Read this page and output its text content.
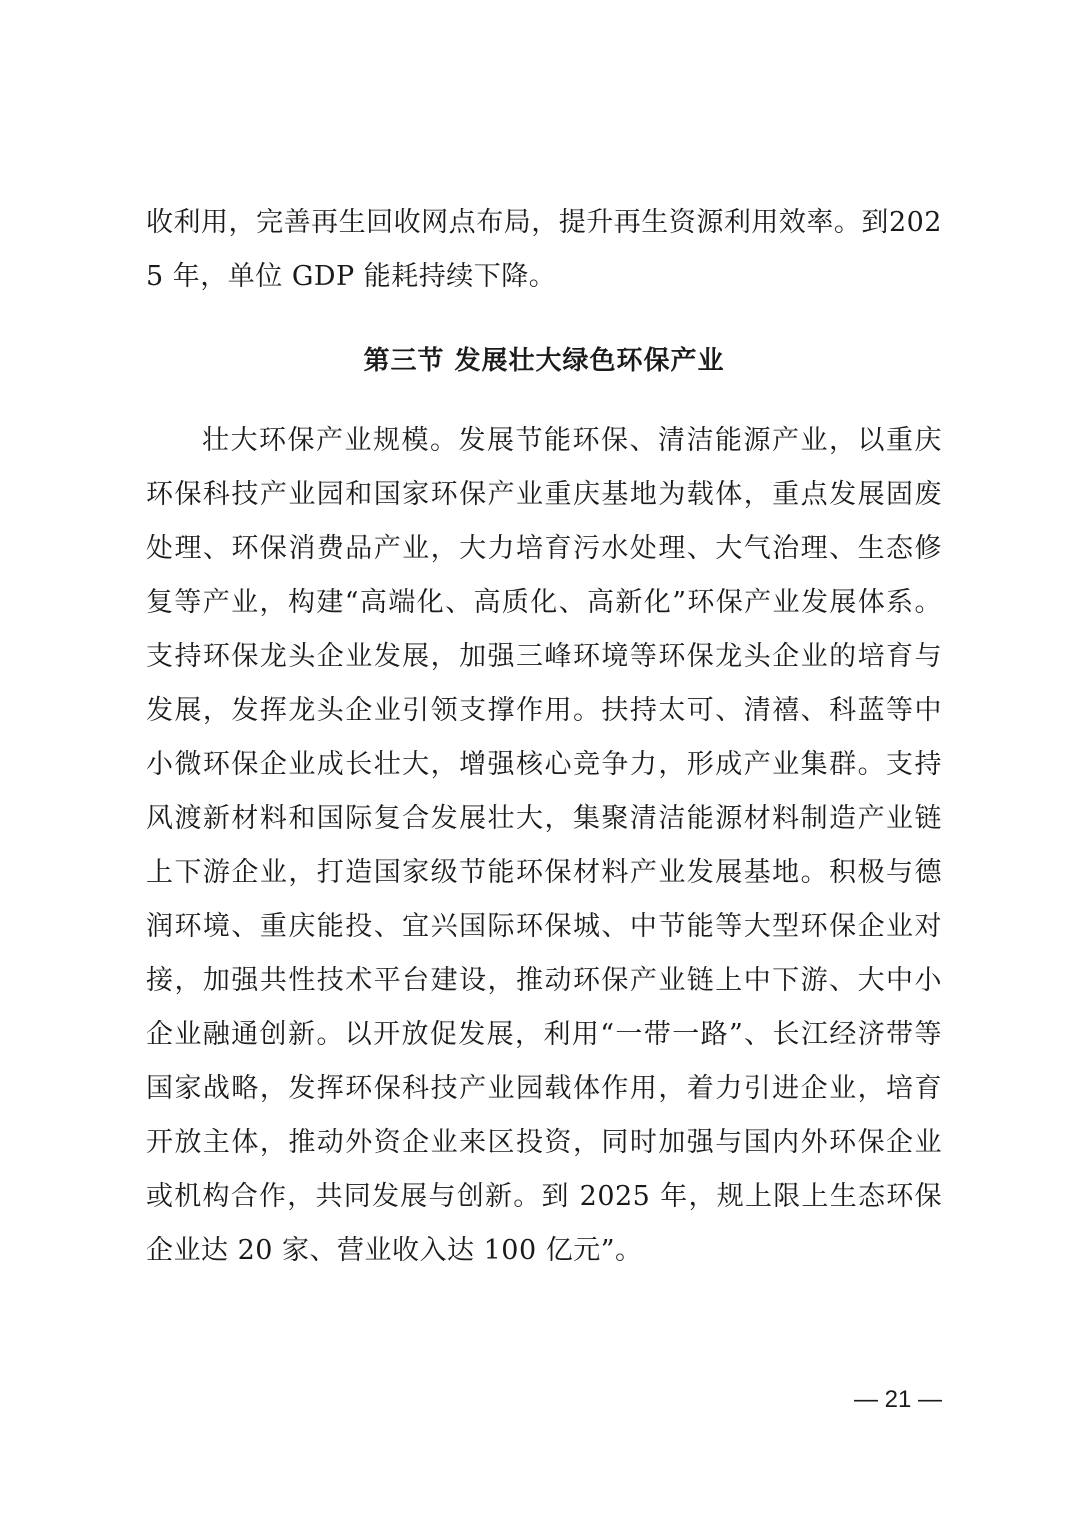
收利用，完善再生回收网点布局，提升再生资源利用效率。到2025 年，单位 GDP 能耗持续下降。

第三节 发展壮大绿色环保产业

壮大环保产业规模。发展节能环保、清洁能源产业，以重庆环保科技产业园和国家环保产业重庆基地为载体，重点发展固废处理、环保消费品产业，大力培育污水处理、大气治理、生态修复等产业，构建“高端化、高质化、高新化”环保产业发展体系。支持环保龙头企业发展，加强三峰环境等环保龙头企业的培育与发展，发挥龙头企业引领支撑作用。扶持太可、清禧、科蓝等中小微环保企业成长壮大，增强核心竞争力，形成产业集群。支持风渡新材料和国际复合发展壮大，集聚清洁能源材料制造产业链上下游企业，打造国家级节能环保材料产业发展基地。积极与德润环境、重庆能投、宜兴国际环保城、中节能等大型环保企业对接，加强共性技术平台建设，推动环保产业链上中下游、大中小企业融通创新。以开放促发展，利用“一带一路”、长江经济带等国家战略，发挥环保科技产业园载体作用，着力引进企业，培育开放主体，推动外资企业来区投资，同时加强与国内外环保企业或机构合作，共同发展与创新。到 2025 年，规上限上生态环保企业达 20 家、营业收入达 100 亿元”。

— 21 —
